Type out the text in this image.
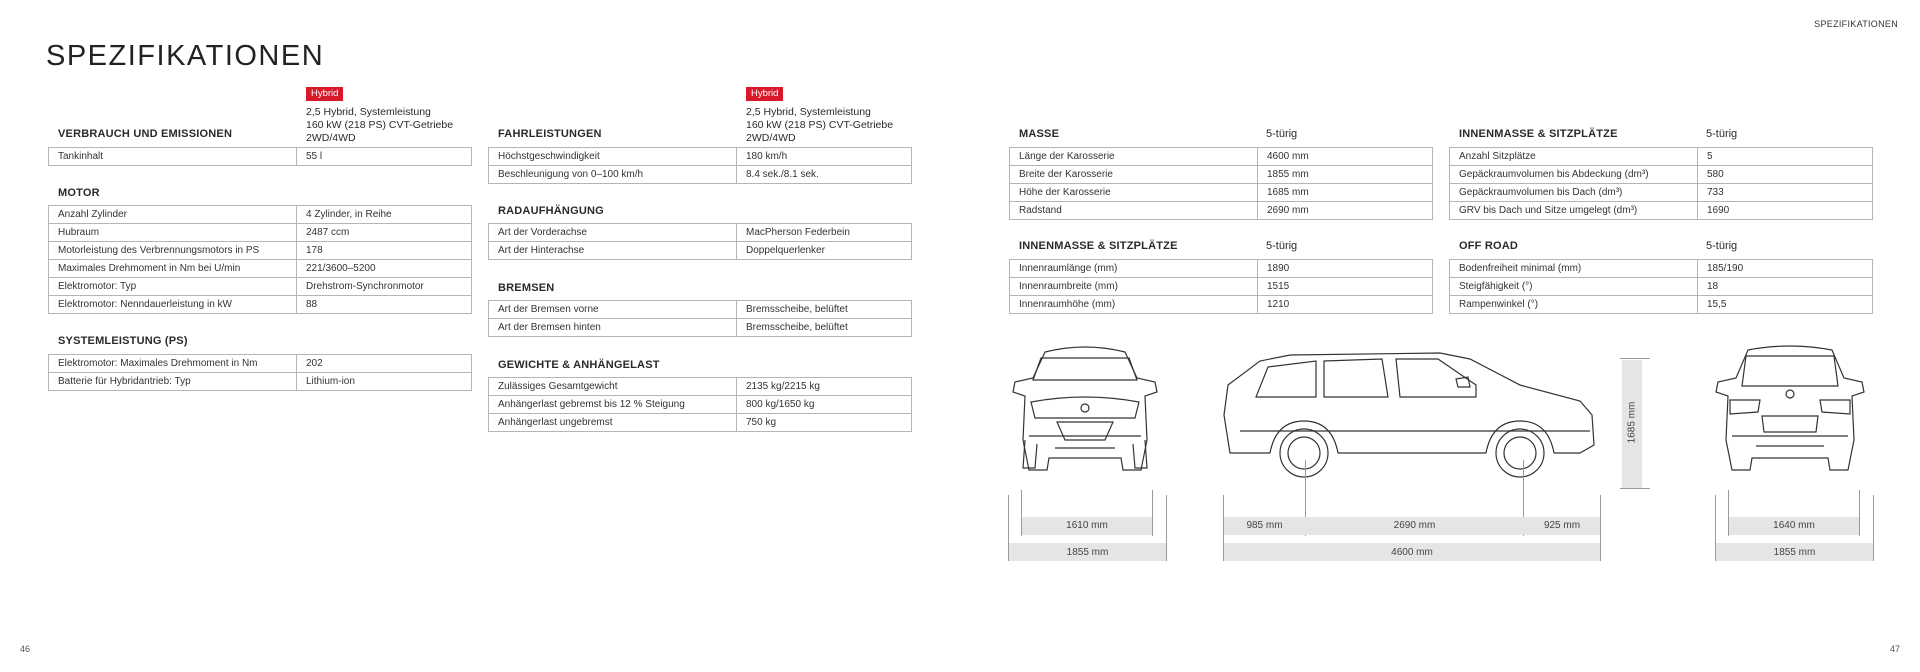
SPEZIFIKATIONEN
SPEZIFIKATIONEN
46	47
Hybrid
2,5 Hybrid, Systemleistung
160 kW (218 PS) CVT-Getriebe
2WD/4WD
Hybrid
2,5 Hybrid, Systemleistung
160 kW (218 PS) CVT-Getriebe
2WD/4WD
VERBRAUCH UND EMISSIONEN
Tankinhalt	55 l
MOTOR
Anzahl Zylinder	4 Zylinder, in Reihe
Hubraum	2487 ccm
Motorleistung des Verbrennungsmotors in PS	178
Maximales Drehmoment in Nm bei U/min	221/3600–5200
Elektromotor: Typ	Drehstrom-Synchronmotor
Elektromotor: Nenndauerleistung in kW	88
SYSTEMLEISTUNG (PS)
Elektromotor: Maximales Drehmoment in Nm	202
Batterie für Hybridantrieb: Typ	Lithium-ion
FAHRLEISTUNGEN
Höchstgeschwindigkeit	180 km/h
Beschleunigung von 0–100 km/h	8.4 sek./8.1 sek.
RADAUFHÄNGUNG
Art der Vorderachse	MacPherson Federbein
Art der Hinterachse	Doppelquerlenker
BREMSEN
Art der Bremsen vorne	Bremsscheibe, belüftet
Art der Bremsen hinten	Bremsscheibe, belüftet
GEWICHTE & ANHÄNGELAST
Zulässiges Gesamtgewicht	2135 kg/2215 kg
Anhängerlast gebremst bis 12 % Steigung	800 kg/1650 kg
Anhängerlast ungebremst	750 kg
MASSE	5-türig
Länge der Karosserie	4600 mm
Breite der Karosserie	1855 mm
Höhe der Karosserie	1685 mm
Radstand	2690 mm
INNENMASSE & SITZPLÄTZE	5-türig
Anzahl Sitzplätze	5
Gepäckraumvolumen bis Abdeckung (dm³)	580
Gepäckraumvolumen bis Dach (dm³)	733
GRV bis Dach und Sitze umgelegt (dm³)	1690
INNENMASSE & SITZPLÄTZE	5-türig
Innenraumlänge (mm)	1890
Innenraumbreite (mm)	1515
Innenraumhöhe (mm)	1210
OFF ROAD	5-türig
Bodenfreiheit minimal (mm)	185/190
Steigfähigkeit (°)	18
Rampenwinkel (°)	15,5
1610 mm
1855 mm
985 mm	2690 mm	925 mm
4600 mm
1685 mm
1640 mm
1855 mm
